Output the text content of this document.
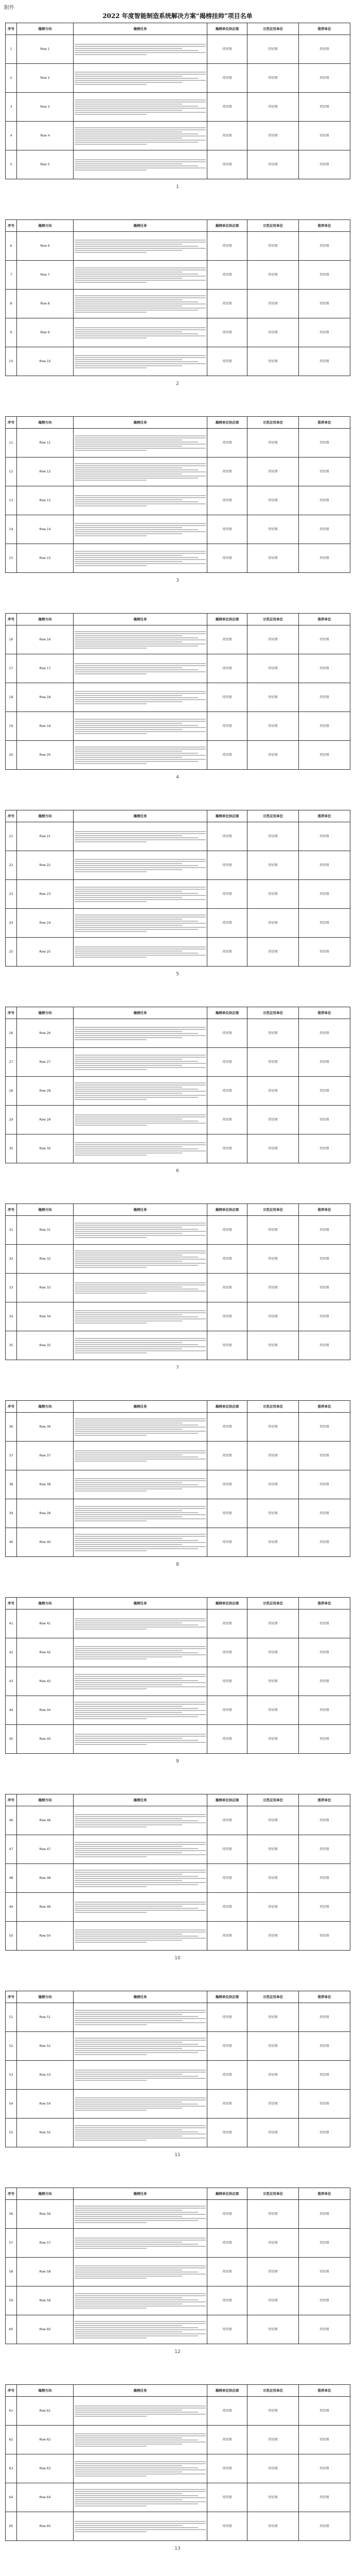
附件
2022 年度智能制造系统解决方案“揭榜挂帅”项目名单
序号	揭榜方向	揭榜任务	揭榜单位供应商	示范应用单位	推荐单位
1	Row 1		待识别	待识别	待识别
2	Row 2		待识别	待识别	待识别
3	Row 3		待识别	待识别	待识别
4	Row 4		待识别	待识别	待识别
5	Row 5		待识别	待识别	待识别
1
序号	揭榜方向	揭榜任务	揭榜单位供应商	示范应用单位	推荐单位
6	Row 6		待识别	待识别	待识别
7	Row 7		待识别	待识别	待识别
8	Row 8		待识别	待识别	待识别
9	Row 9		待识别	待识别	待识别
10	Row 10		待识别	待识别	待识别
2
序号	揭榜方向	揭榜任务	揭榜单位供应商	示范应用单位	推荐单位
11	Row 11		待识别	待识别	待识别
12	Row 12		待识别	待识别	待识别
13	Row 13		待识别	待识别	待识别
14	Row 14		待识别	待识别	待识别
15	Row 15		待识别	待识别	待识别
3
序号	揭榜方向	揭榜任务	揭榜单位供应商	示范应用单位	推荐单位
16	Row 16		待识别	待识别	待识别
17	Row 17		待识别	待识别	待识别
18	Row 18		待识别	待识别	待识别
19	Row 19		待识别	待识别	待识别
20	Row 20		待识别	待识别	待识别
4
序号	揭榜方向	揭榜任务	揭榜单位供应商	示范应用单位	推荐单位
21	Row 21		待识别	待识别	待识别
22	Row 22		待识别	待识别	待识别
23	Row 23		待识别	待识别	待识别
24	Row 24		待识别	待识别	待识别
25	Row 25		待识别	待识别	待识别
5
序号	揭榜方向	揭榜任务	揭榜单位供应商	示范应用单位	推荐单位
26	Row 26		待识别	待识别	待识别
27	Row 27		待识别	待识别	待识别
28	Row 28		待识别	待识别	待识别
29	Row 29		待识别	待识别	待识别
30	Row 30		待识别	待识别	待识别
6
序号	揭榜方向	揭榜任务	揭榜单位供应商	示范应用单位	推荐单位
31	Row 31		待识别	待识别	待识别
32	Row 32		待识别	待识别	待识别
33	Row 33		待识别	待识别	待识别
34	Row 34		待识别	待识别	待识别
35	Row 35		待识别	待识别	待识别
7
序号	揭榜方向	揭榜任务	揭榜单位供应商	示范应用单位	推荐单位
36	Row 36		待识别	待识别	待识别
37	Row 37		待识别	待识别	待识别
38	Row 38		待识别	待识别	待识别
39	Row 39		待识别	待识别	待识别
40	Row 40		待识别	待识别	待识别
8
序号	揭榜方向	揭榜任务	揭榜单位供应商	示范应用单位	推荐单位
41	Row 41		待识别	待识别	待识别
42	Row 42		待识别	待识别	待识别
43	Row 43		待识别	待识别	待识别
44	Row 44		待识别	待识别	待识别
45	Row 45		待识别	待识别	待识别
9
序号	揭榜方向	揭榜任务	揭榜单位供应商	示范应用单位	推荐单位
46	Row 46		待识别	待识别	待识别
47	Row 47		待识别	待识别	待识别
48	Row 48		待识别	待识别	待识别
49	Row 49		待识别	待识别	待识别
50	Row 50		待识别	待识别	待识别
10
序号	揭榜方向	揭榜任务	揭榜单位供应商	示范应用单位	推荐单位
51	Row 51		待识别	待识别	待识别
52	Row 52		待识别	待识别	待识别
53	Row 53		待识别	待识别	待识别
54	Row 54		待识别	待识别	待识别
55	Row 55		待识别	待识别	待识别
11
序号	揭榜方向	揭榜任务	揭榜单位供应商	示范应用单位	推荐单位
56	Row 56		待识别	待识别	待识别
57	Row 57		待识别	待识别	待识别
58	Row 58		待识别	待识别	待识别
59	Row 59		待识别	待识别	待识别
60	Row 60		待识别	待识别	待识别
12
序号	揭榜方向	揭榜任务	揭榜单位供应商	示范应用单位	推荐单位
61	Row 61		待识别	待识别	待识别
62	Row 62		待识别	待识别	待识别
63	Row 63		待识别	待识别	待识别
64	Row 64		待识别	待识别	待识别
65	Row 65		待识别	待识别	待识别
13
